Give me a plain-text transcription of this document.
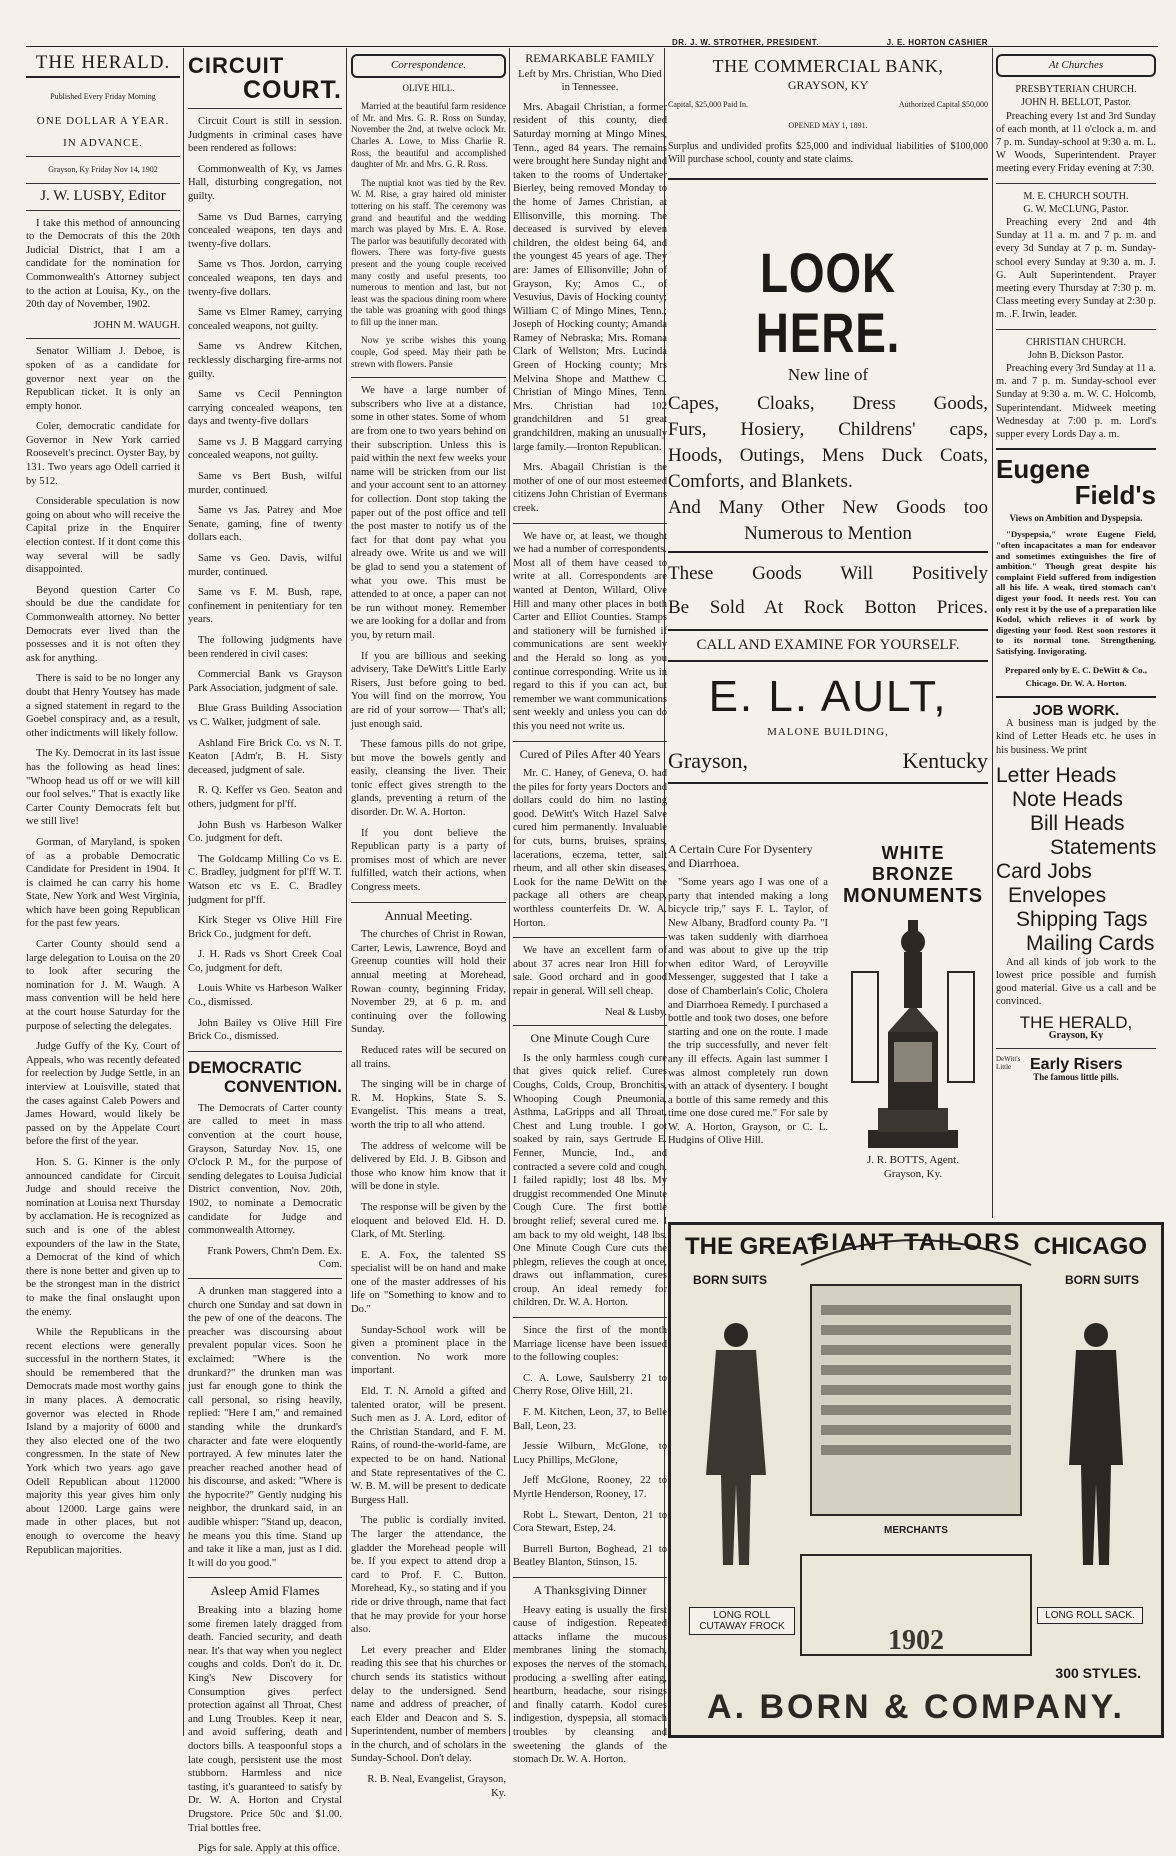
THE HERALD.
Published Every Friday Morning
ONE DOLLAR A YEAR.
IN ADVANCE.
Grayson, Ky Friday Nov 14, 1902
J. W. LUSBY, Editor

I take this method of announcing to the Democrats of this the 20th Judicial District, that I am a candidate for the nomination for Commonwealth's Attorney subject to the action at Louisa, Ky., on the 20th day of November, 1902.

JOHN M. WAUGH.

Senator William J. Deboe, is spoken of as a candidate for governor next year on the Republican ticket. It is only an empty honor.

Coler, democratic candidate for Governor in New York carried Roosevelt's precinct. Oyster Bay, by 131. Two years ago Odell carried it by 512.

Considerable speculation is now going on about who will receive the Capital prize in the Enquirer election contest. If it dont come this way several will be sadly disappointed.

Beyond question Carter Co should be due the candidate for Commonwealth attorney. No better Democrats ever lived than the possesses and it is not often they ask for anything.

There is said to be no longer any doubt that Henry Youtsey has made a signed statement in regard to the Goebel conspiracy and, as a result, other indictments will likely follow.

The Ky. Democrat in its last issue has the following as head lines: "Whoop head us off or we will kill our fool selves." That is exactly like Carter County Democrats felt but we still live!

Gorman, of Maryland, is spoken of as a probable Democratic Candidate for President in 1904. It is claimed he can carry his home State, New York and West Virginia, which have been going Republican for the past few years.

Carter County should send a large delegation to Louisa on the 20 to look after securing the nomination for J. M. Waugh. A mass convention will be held here at the court house Saturday for the purpose of selecting the delegates.

Judge Guffy of the Ky. Court of Appeals, who was recently defeated for reelection by Judge Settle, in an interview at Louisville, stated that the cases against Caleb Powers and James Howard, would likely be passed on by the Appelate Court before the first of the year.

Hon. S. G. Kinner is the only announced candidate for Circuit Judge and should receive the nomination at Louisa next Thursday by acclamation. He is recognized as such and is one of the ablest expounders of the law in the State, a Democrat of the kind of which there is none better and given up to be the strongest man in the district to make the final onslaught upon the enemy.

While the Republicans in the recent elections were generally successful in the northern States, it should be remembered that the Democrats made most worthy gains in many places. A democratic governor was elected in Rhode Island by a majority of 6000 and they also elected one of the two congressmen. In the state of New York which two years ago gave Odell Republican about 112000 majority this year gives him only about 12000. Large gains were made in other places, but not enough to overcome the heavy Republican majorities.

CIRCUIT
COURT.

Circuit Court is still in session. Judgments in criminal cases have been rendered as follows:

Commonwealth of Ky, vs James Hall, disturbing congregation, not guilty.

Same vs Dud Barnes, carrying concealed weapons, ten days and twenty-five dollars.

Same vs Thos. Jordon, carrying concealed weapons, ten days and twenty-five dollars.

Same vs Elmer Ramey, carrying concealed weapons, not guilty.

Same vs Andrew Kitchen, recklessly discharging fire-arms not guilty.

Same vs Cecil Pennington carrying concealed weapons, ten days and twenty-five dollars

Same vs J. B Maggard carrying concealed weapons, not guilty.

Same vs Bert Bush, wilful murder, continued.

Same vs Jas. Patrey and Moe Senate, gaming, fine of twenty dollars each.

Same vs Geo. Davis, wilful murder, continued.

Same vs F. M. Bush, rape, confinement in penitentiary for ten years.

The following judgments have been rendered in civil cases:

Commercial Bank vs Grayson Park Association, judgment of sale.

Blue Grass Building Association vs C. Walker, judgment of sale.

Ashland Fire Brick Co. vs N. T. Keaton [Adm'r, B. H. Sisty deceased, judgment of sale.

R. Q. Keffer vs Geo. Seaton and others, judgment for pl'ff.

John Bush vs Harbeson Walker Co. judgment for deft.

The Goldcamp Milling Co vs E. C. Bradley, judgment for pl'ff W. T. Watson etc vs E. C. Bradley judgment for pl'ff.

Kirk Steger vs Olive Hill Fire Brick Co., judgment for deft.

J. H. Rads vs Short Creek Coal Co, judgment for deft.

Louis White vs Harbeson Walker Co., dismissed.

John Bailey vs Olive Hill Fire Brick Co., dismissed.

DEMOCRATIC
CONVENTION.

The Democrats of Carter county are called to meet in mass convention at the court house, Grayson, Saturday Nov. 15, one O'clock P. M., for the purpose of sending delegates to Louisa Judicial District convention, Nov. 20th, 1902, to nominate a Democratic candidate for Judge and commonwealth Attorney.

Frank Powers, Chm'n Dem. Ex. Com.

A drunken man staggered into a church one Sunday and sat down in the pew of one of the deacons. The preacher was discoursing about prevalent popular vices. Soon he exclaimed: "Where is the drunkard?" the drunken man was just far enough gone to think the call personal, so rising heavily, replied: "Here I am," and remained standing while the drunkard's character and fate were eloquently portrayed. A few minutes later the preacher reached another head of his discourse, and asked: "Where is the hypocrite?" Gently nudging his neighbor, the drunkard said, in an audible whisper: "Stand up, deacon, he means you this time. Stand up and take it like a man, just as I did. It will do you good."

Asleep Amid Flames

Breaking into a blazing home some firemen lately dragged from death. Fancied security, and death near. It's that way when you neglect coughs and colds. Don't do it. Dr. King's New Discovery for Consumption gives perfect protection against all Throat, Chest and Lung Troubles. Keep it near, and avoid suffering, death and doctors bills. A teaspoonful stops a late cough, persistent use the most stubborn. Harmless and nice tasting, it's guaranteed to satisfy by Dr. W. A. Horton and Crystal Drugstore. Price 50c and $1.00. Trial bottles free.

Pigs for sale. Apply at this office.

Correspondence.
OLIVE HILL.

Married at the beautiful farm residence of Mr. and Mrs. G. R. Ross on Sunday, November the 2nd, at twelve oclock Mr. Charles A. Lowe, to Miss Charlie R. Ross, the beautiful and accomplished daughter of Mr. and Mrs. G. R. Ross.

The nuptial knot was tied by the Rev. W. M. Rise, a gray haired old minister tottering on his staff. The ceremony was grand and beautiful and the wedding march was played by Mrs. E. A. Rose. The parlor was beautifully decorated with flowers. There was forty-five guests present and the young couple received many costly and useful presents, too numerous to mention and last, but not least was the spacious dining room where the table was groaning with good things to fill up the inner man.

Now ye scribe wishes this young couple, God speed. May their path be strewn with flowers. Pansie

We have a large number of subscribers who live at a distance, some in other states. Some of whom are from one to two years behind on their subscription. Unless this is paid within the next few weeks your name will be stricken from our list and your account sent to an attorney for collection. Dont stop taking the paper out of the post office and tell the post master to notify us of the fact for that dont pay what you already owe. Write us and we will be glad to send you a statement of what you owe. This must be attended to at once, a paper can not be run without money. Remember we are looking for a dollar and from you, by return mail.

If you are billious and seeking advisery, Take DeWitt's Little Early Risers, Just before going to bed. You will find on the morrow, You are rid of your sorrow— That's all; just enough said.

These famous pills do not gripe, but move the bowels gently and easily, cleansing the liver. Their tonic effect gives strength to the glands, preventing a return of the disorder. Dr. W. A. Horton.

If you dont believe the Republican party is a party of promises most of which are never fulfilled, watch their actions, when Congress meets.

Annual Meeting.

The churches of Christ in Rowan, Carter, Lewis, Lawrence, Boyd and Greenup counties will hold their annual meeting at Morehead, Rowan county, beginning Friday, November 29, at 6 p. m. and continuing over the following Sunday.

Reduced rates will be secured on all trains.

The singing will be in charge of R. M. Hopkins, State S. S. Evangelist. This means a treat, worth the trip to all who attend.

The address of welcome will be delivered by Eld. J. B. Gibson and those who know him know that it will be done in style.

The response will be given by the eloquent and beloved Eld. H. D. Clark, of Mt. Sterling.

E. A. Fox, the talented SS specialist will be on hand and make one of the master addresses of his life on "Something to know and to Do."

Sunday-School work will be given a prominent place in the convention. No work more important.

Eld. T. N. Arnold a gifted and talented orator, will be present. Such men as J. A. Lord, editor of the Christian Standard, and F. M. Rains, of round-the-world-fame, are expected to be on hand. National and State representatives of the C. W. B. M. will be present to dedicate Burgess Hall.

The public is cordially invited. The larger the attendance, the gladder the Morehead people will be. If you expect to attend drop a card to Prof. F. C. Button. Morehead, Ky., so stating and if you ride or drive through, name that fact that he may provide for your horse also.

Let every preacher and Elder reading this see that his churches or church sends its statistics without delay to the undersigned. Send name and address of preacher, of each Elder and Deacon and S. S. Superintendent, number of members in the church, and of scholars in the Sunday-School. Don't delay.

R. B. Neal, Evangelist, Grayson, Ky.
REMARKABLE FAMILY
Left by Mrs. Christian, Who Died in Tennessee.

Mrs. Abagail Christian, a former resident of this county, died Saturday morning at Mingo Mines, Tenn., aged 84 years. The remains were brought here Sunday night and taken to the rooms of Undertaker Bierley, being removed Monday to the home of James Christian, at Ellisonville, this morning. The deceased is survived by eleven children, the oldest being 64, and the youngest 45 years of age. They are: James of Ellisonville; John of Grayson, Ky; Amos C., of Vesuvius, Davis of Hocking county; William C of Mingo Mines, Tenn.; Joseph of Hocking county; Amanda Ramey of Nebraska; Mrs. Romana Clark of Wellston; Mrs. Lucinda Green of Hocking county; Mrs Melvina Shope and Matthew C. Christian of Mingo Mines, Tenn. Mrs. Christian had 102 grandchildren and 51 great grandchildren, making an unusually large family.—Ironton Republican.

Mrs. Abagail Christian is the mother of one of our most esteemed citizens John Christian of Evermans creek.

We have or, at least, we thought we had a number of correspondents. Most all of them have ceased to write at all. Correspondents are wanted at Denton, Willard, Olive Hill and many other places in both Carter and Elliot Counties. Stamps and stationery will be furnished if communications are sent weekly and the Herald so long as you continue corresponding. Write us in regard to this if you can act, but remember we want communications sent weekly and unless you can do this you need not write us.

Cured of Piles After 40 Years

Mr. C. Haney, of Geneva, O. had the piles for forty years Doctors and dollars could do him no lasting good. DeWitt's Witch Hazel Salve cured him permanently. Invaluable for cuts, burns, bruises, sprains, lacerations, eczema, tetter, salt rheum, and all other skin diseases. Look for the name DeWitt on the package all others are cheap, worthless counterfeits Dr. W. A. Horton.

We have an excellent farm of about 37 acres near Iron Hill for sale. Good orchard and in good repair in general. Will sell cheap.

Neal & Lusby.
One Minute Cough Cure

Is the only harmless cough cure that gives quick relief. Cures Coughs, Colds, Croup, Bronchitis, Whooping Cough Pneumonia, Asthma, LaGripps and all Throat, Chest and Lung trouble. I got soaked by rain, says Gertrude E. Fenner, Muncie, Ind., and contracted a severe cold and cough. I failed rapidly; lost 48 lbs. My druggist recommended One Minute Cough Cure. The first bottle brought relief; several cured me. I am back to my old weight, 148 lbs. One Minute Cough Cure cuts the phlegm, relieves the cough at once, draws out inflammation, cures croup. An ideal remedy for children. Dr. W. A. Horton.

Since the first of the month Marriage license have been issued to the following couples:

C. A. Lowe, Saulsberry 21 to Cherry Rose, Olive Hill, 21.

F. M. Kitchen, Leon, 37, to Belle Ball, Leon, 23.

Jessie Wilburn, McGlone, to Lucy Phillips, McGlone,

Jeff McGlone, Rooney, 22 to Myrtle Henderson, Rooney, 17.

Robt L. Stewart, Denton, 21 to Cora Stewart, Estep, 24.

Burrell Burton, Boghead, 21 to Beatley Blanton, Stinson, 15.

A Thanksgiving Dinner

Heavy eating is usually the first cause of indigestion. Repeated attacks inflame the mucous membranes lining the stomach, exposes the nerves of the stomach, producing a swelling after eating, heartburn, headache, sour risings and finally catarrh. Kodol cures indigestion, dyspepsia, all stomach troubles by cleansing and sweetening the glands of the stomach Dr. W. A. Horton.

DR. J. W. STROTHER, PRESIDENT.	J. E. HORTON CASHIER
THE COMMERCIAL BANK,
GRAYSON, KY
Capital, $25,000 Paid In.	Authorized Capital $50,000
OPENED MAY 1, 1891.
Surplus and undivided profits $25,000 and individual liabilities of $100,000 Will purchase school, county and state claims.
LOOK HERE.
New line of
Capes, Cloaks, Dress Goods,
Furs, Hosiery, Childrens' caps,
Hoods, Outings, Mens Duck Coats,
Comforts, and Blankets.
And Many Other New Goods too
Numerous to Mention
These Goods Will Positively
Be Sold At Rock Botton Prices.
CALL AND EXAMINE FOR YOURSELF.
E. L. AULT,
MALONE BUILDING,
Grayson,	Kentucky
A Certain Cure For Dysentery and Diarrhoea.

"Some years ago I was one of a party that intended making a long bicycle trip," says F. L. Taylor, of New Albany, Bradford county Pa. "I was taken suddenly with diarrhoea and was about to give up the trip when editor Ward, of Leroyville Messenger, suggested that I take a dose of Chamberlain's Colic, Cholera and Diarrhoea Remedy. I purchased a bottle and took two doses, one before starting and one on the route. I made the trip successfully, and never felt any ill effects. Again last summer I was almost completely run down with an attack of dysentery. I bought a bottle of this same remedy and this time one dose cured me." For sale by W. A. Horton, Grayson, or C. L. Hudgins of Olive Hill.

WHITE BRONZE
MONUMENTS
J. R. BOTTS, Agent.
Grayson, Ky.
At Churches
PRESBYTERIAN CHURCH.
JOHN H. BELLOT, Pastor.

Preaching every 1st and 3rd Sunday of each month, at 11 o'clock a. m. and 7 p. m. Sunday-school at 9:30 a. m. L. W Woods, Superintendent. Prayer meeting every Friday evening at 7:30.

M. E. CHURCH SOUTH.
G. W. McCLUNG, Pastor.

Preaching every 2nd and 4th Sunday at 11 a. m. and 7 p. m. and every 3d Sunday at 7 p. m. Sunday-school every Sunday at 9:30 a. m. J. G. Ault Superintendent. Prayer meeting every Thursday at 7:30 p. m. Class meeting every Sunday at 2:30 p. m. .F. Irwin, leader.

CHRISTIAN CHURCH.
John B. Dickson Pastor.

Preaching every 3rd Sunday at 11 a. m. and 7 p. m. Sunday-school ever Sunday at 9:30 a. m. W. C. Holcomb, Superintendant. Midweek meeting Wednesday at 7:00 p. m. Lord's supper every Lords Day a. m.

Eugene
Field's
Views on Ambition and Dyspepsia.

"Dyspepsia," wrote Eugene Field, "often incapacitates a man for endeavor and sometimes extinguishes the fire of ambition." Though great despite his complaint Field suffered from indigestion all his life. A weak, tired stomach can't digest your food. It needs rest. You can only rest it by the use of a preparation like Kodol, which relieves it of work by digesting your food. Rest soon restores it to its normal tone. Strengthening. Satisfying. Invigorating.

Prepared only by E. C. DeWitt & Co., Chicago. Dr. W. A. Horton.
JOB WORK.

A business man is judged by the kind of Letter Heads etc. he uses in his business. We print

Letter Heads
Note Heads
Bill Heads
Statements
Card Jobs
Envelopes
Shipping Tags
Mailing Cards

And all kinds of job work to the lowest price possible and furnish good material. Give us a call and be convinced.

THE HERALD,
Grayson, Ky
DeWitt's Little	Early Risers
The famous little pills.
THE GREAT
GIANT TAILORS CHICAGO
BORN SUITS	BORN SUITS
MERCHANTS
LONG ROLL CUTAWAY FROCK
LONG ROLL SACK.
1902
300 STYLES.
A. BORN & COMPANY.
